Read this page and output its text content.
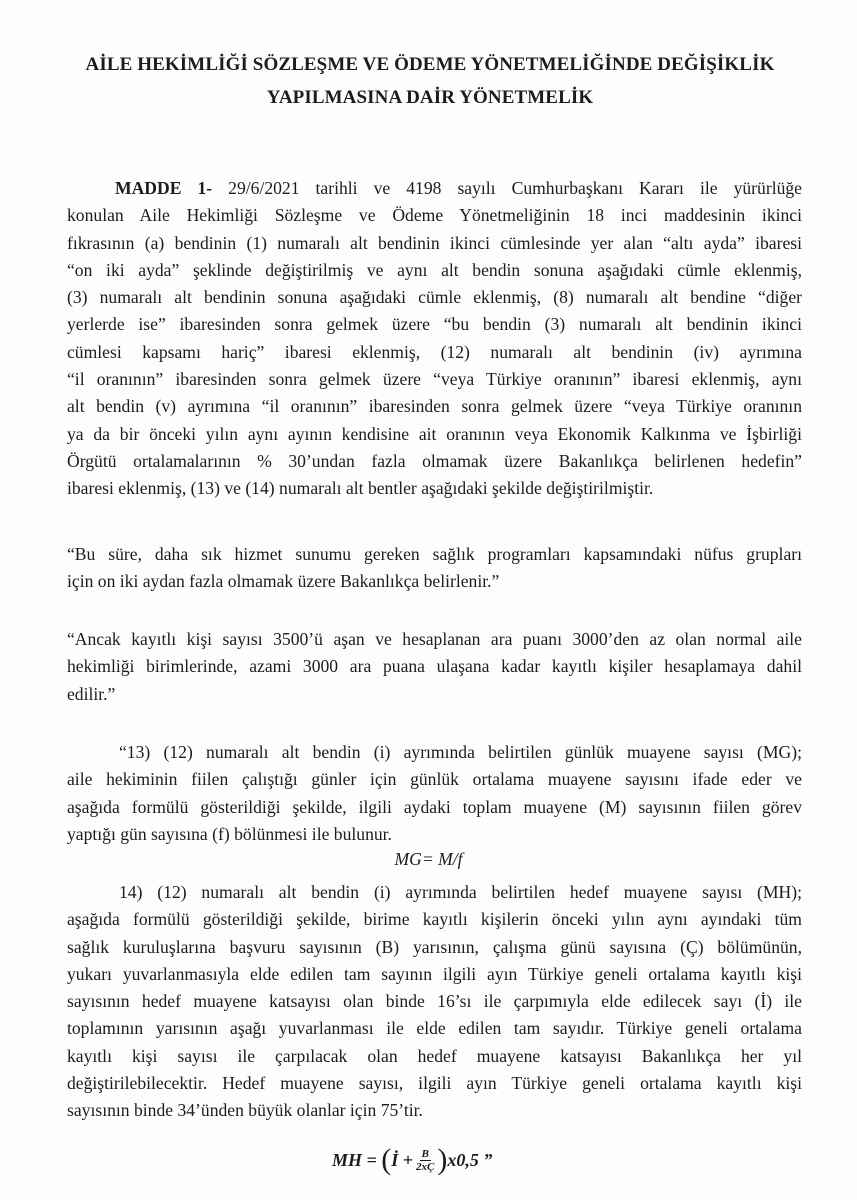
AİLE HEKİMLİĞİ SÖZLEŞME VE ÖDEME YÖNETMELİĞİNDE DEĞİŞİKLİK
YAPILMASINA DAİR YÖNETMELİK
MADDE 1- 29/6/2021 tarihli ve 4198 sayılı Cumhurbaşkanı Kararı ile yürürlüğe
konulan Aile Hekimliği Sözleşme ve Ödeme Yönetmeliğinin 18 inci maddesinin ikinci
fıkrasının (a) bendinin (1) numaralı alt bendinin ikinci cümlesinde yer alan “altı ayda” ibaresi
“on iki ayda” şeklinde değiştirilmiş ve aynı alt bendin sonuna aşağıdaki cümle eklenmiş,
(3) numaralı alt bendinin sonuna aşağıdaki cümle eklenmiş, (8) numaralı alt bendine “diğer
yerlerde ise” ibaresinden sonra gelmek üzere “bu bendin (3) numaralı alt bendinin ikinci
cümlesi kapsamı hariç” ibaresi eklenmiş, (12) numaralı alt bendinin (iv) ayrımına
“il oranının” ibaresinden sonra gelmek üzere “veya Türkiye oranının” ibaresi eklenmiş, aynı
alt bendin (v) ayrımına “il oranının” ibaresinden sonra gelmek üzere “veya Türkiye oranının
ya da bir önceki yılın aynı ayının kendisine ait oranının veya Ekonomik Kalkınma ve İşbirliği
Örgütü ortalamalarının % 30’undan fazla olmamak üzere Bakanlıkça belirlenen hedefin”
ibaresi eklenmiş, (13) ve (14) numaralı alt bentler aşağıdaki şekilde değiştirilmiştir.
“Bu süre, daha sık hizmet sunumu gereken sağlık programları kapsamındaki nüfus grupları
için on iki aydan fazla olmamak üzere Bakanlıkça belirlenir.”
“Ancak kayıtlı kişi sayısı 3500’ü aşan ve hesaplanan ara puanı 3000’den az olan normal aile
hekimliği birimlerinde, azami 3000 ara puana ulaşana kadar kayıtlı kişiler hesaplamaya dahil
edilir.”
“13) (12) numaralı alt bendin (i) ayrımında belirtilen günlük muayene sayısı (MG);
aile hekiminin fiilen çalıştığı günler için günlük ortalama muayene sayısını ifade eder ve
aşağıda formülü gösterildiği şekilde, ilgili aydaki toplam muayene (M) sayısının fiilen görev
yaptığı gün sayısına (f) bölünmesi ile bulunur.
MG= M/f
14) (12) numaralı alt bendin (i) ayrımında belirtilen hedef muayene sayısı (MH);
aşağıda formülü gösterildiği şekilde, birime kayıtlı kişilerin önceki yılın aynı ayındaki tüm
sağlık kuruluşlarına başvuru sayısının (B) yarısının, çalışma günü sayısına (Ç) bölümünün,
yukarı yuvarlanmasıyla elde edilen tam sayının ilgili ayın Türkiye geneli ortalama kayıtlı kişi
sayısının hedef muayene katsayısı olan binde 16’sı ile çarpımıyla elde edilecek sayı (İ) ile
toplamının yarısının aşağı yuvarlanması ile elde edilen tam sayıdır. Türkiye geneli ortalama
kayıtlı kişi sayısı ile çarpılacak olan hedef muayene katsayısı Bakanlıkça her yıl
değiştirilebilecektir. Hedef muayene sayısı, ilgili ayın Türkiye geneli ortalama kayıtlı kişi
sayısının binde 34’ünden büyük olanlar için 75’tir.
MH =
( İ + $\frac{B}{2xÇ}$ ) x0,5 ”
